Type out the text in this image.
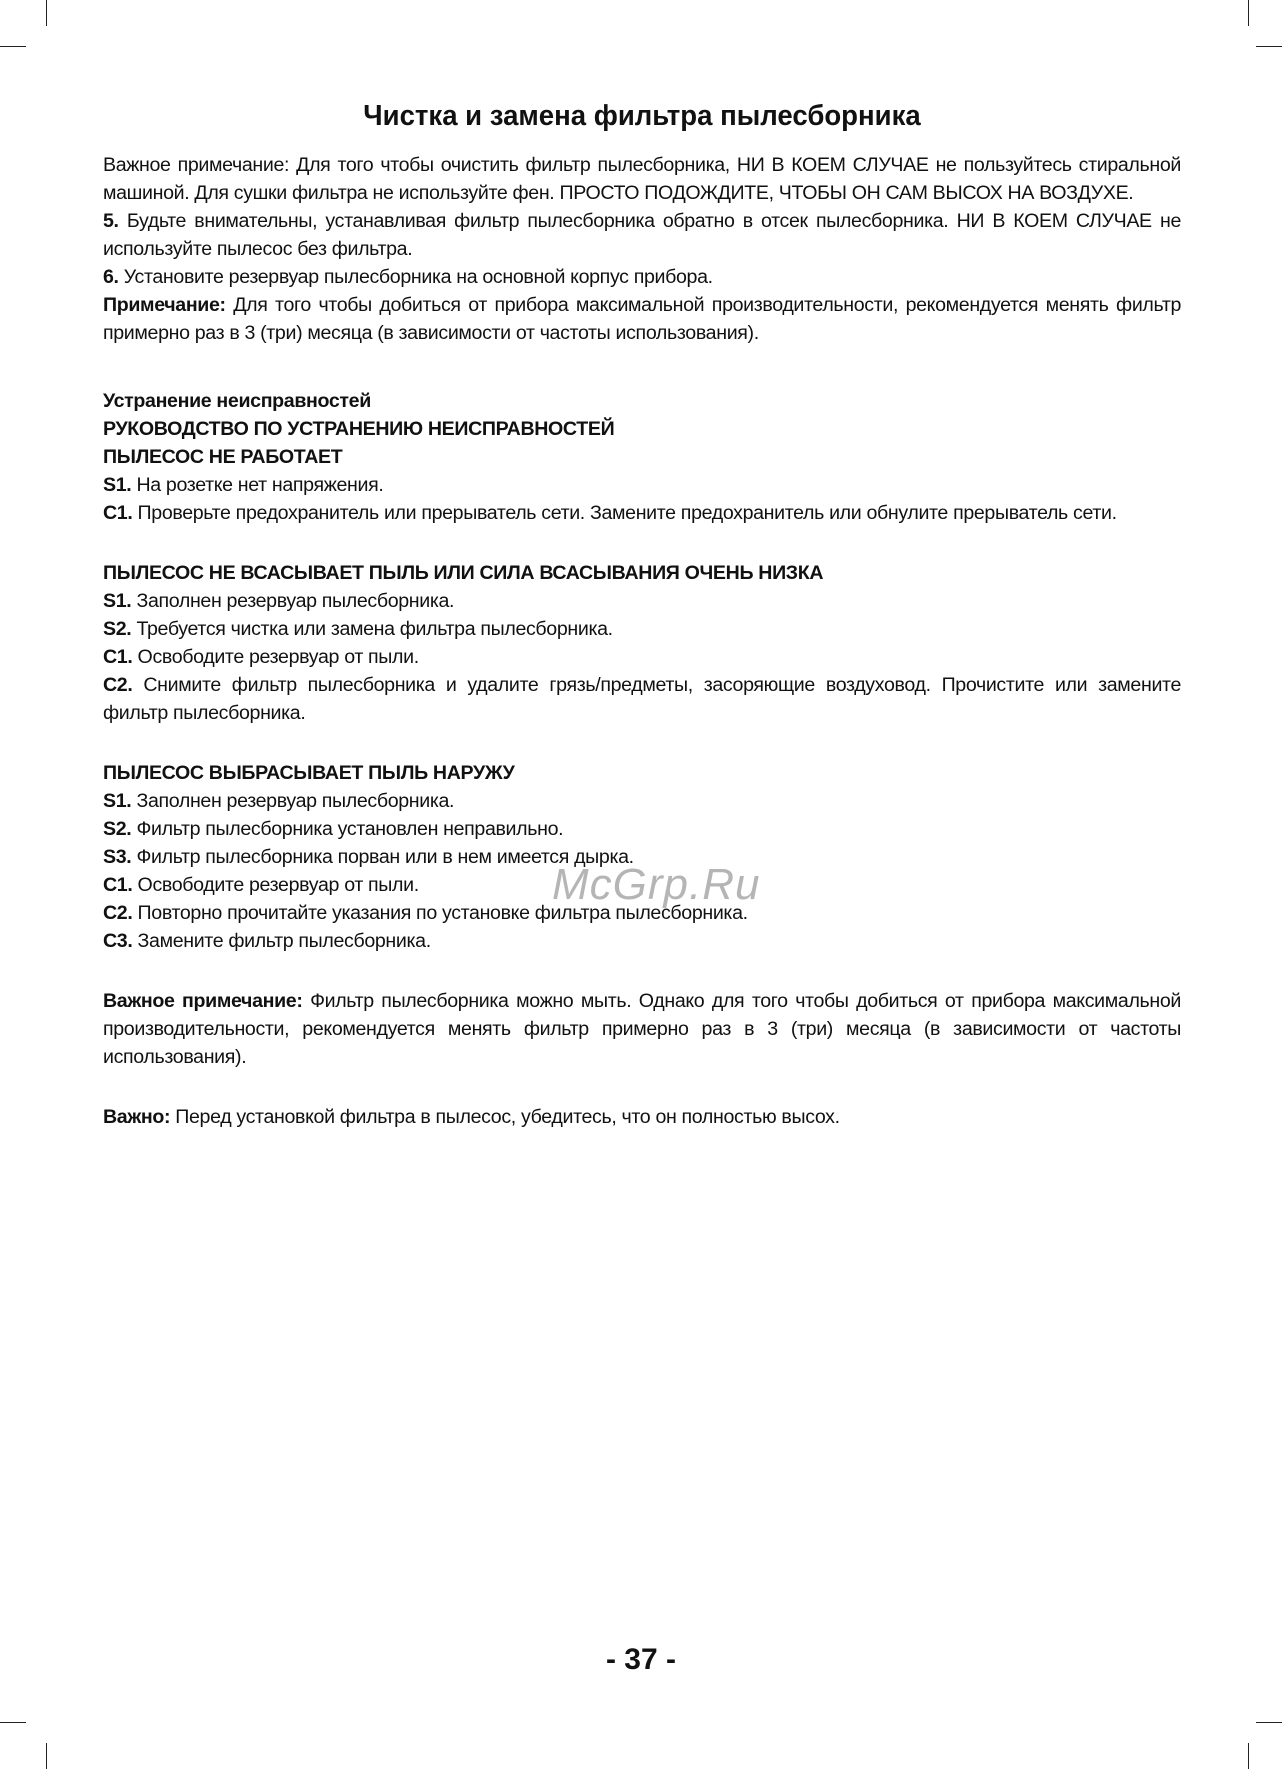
Чистка и замена фильтра пылесборника

Важное примечание: Для того чтобы очистить фильтр пылесборника, НИ В КОЕМ СЛУЧАЕ не пользуйтесь стиральной машиной. Для сушки фильтра не используйте фен. ПРОСТО ПОДОЖДИТЕ, ЧТОБЫ ОН САМ ВЫСОХ НА ВОЗДУХЕ.

5. Будьте внимательны, устанавливая фильтр пылесборника обратно в отсек пылесборника. НИ В КОЕМ СЛУЧАЕ не используйте пылесос без фильтра.

6. Установите резервуар пылесборника на основной корпус прибора.

Примечание: Для того чтобы добиться от прибора максимальной производительности, рекомендуется менять фильтр примерно раз в 3 (три) месяца (в зависимости от частоты использования).

Устранение неисправностей

РУКОВОДСТВО ПО УСТРАНЕНИЮ НЕИСПРАВНОСТЕЙ

ПЫЛЕСОС НЕ РАБОТАЕТ

S1. На розетке нет напряжения.

C1. Проверьте предохранитель или прерыватель сети. Замените предохранитель или обнулите прерыватель сети.

ПЫЛЕСОС НЕ ВСАСЫВАЕТ ПЫЛЬ ИЛИ СИЛА ВСАСЫВАНИЯ ОЧЕНЬ НИЗКА

S1. Заполнен резервуар пылесборника.

S2. Требуется чистка или замена фильтра пылесборника.

C1. Освободите резервуар от пыли.

C2. Снимите фильтр пылесборника и удалите грязь/предметы, засоряющие воздуховод. Прочистите или замените фильтр пылесборника.

ПЫЛЕСОС ВЫБРАСЫВАЕТ ПЫЛЬ НАРУЖУ

S1. Заполнен резервуар пылесборника.

S2. Фильтр пылесборника установлен неправильно.

S3. Фильтр пылесборника порван или в нем имеется дырка.

C1. Освободите резервуар от пыли.

C2. Повторно прочитайте указания по установке фильтра пылесборника.

C3. Замените фильтр пылесборника.

Важное примечание: Фильтр пылесборника можно мыть. Однако для того чтобы добиться от прибора максимальной производительности, рекомендуется менять фильтр примерно раз в 3 (три) месяца (в зависимости от частоты использования).

Важно: Перед установкой фильтра в пылесос, убедитесь, что он полностью высох.

McGrp.Ru
- 37 -
